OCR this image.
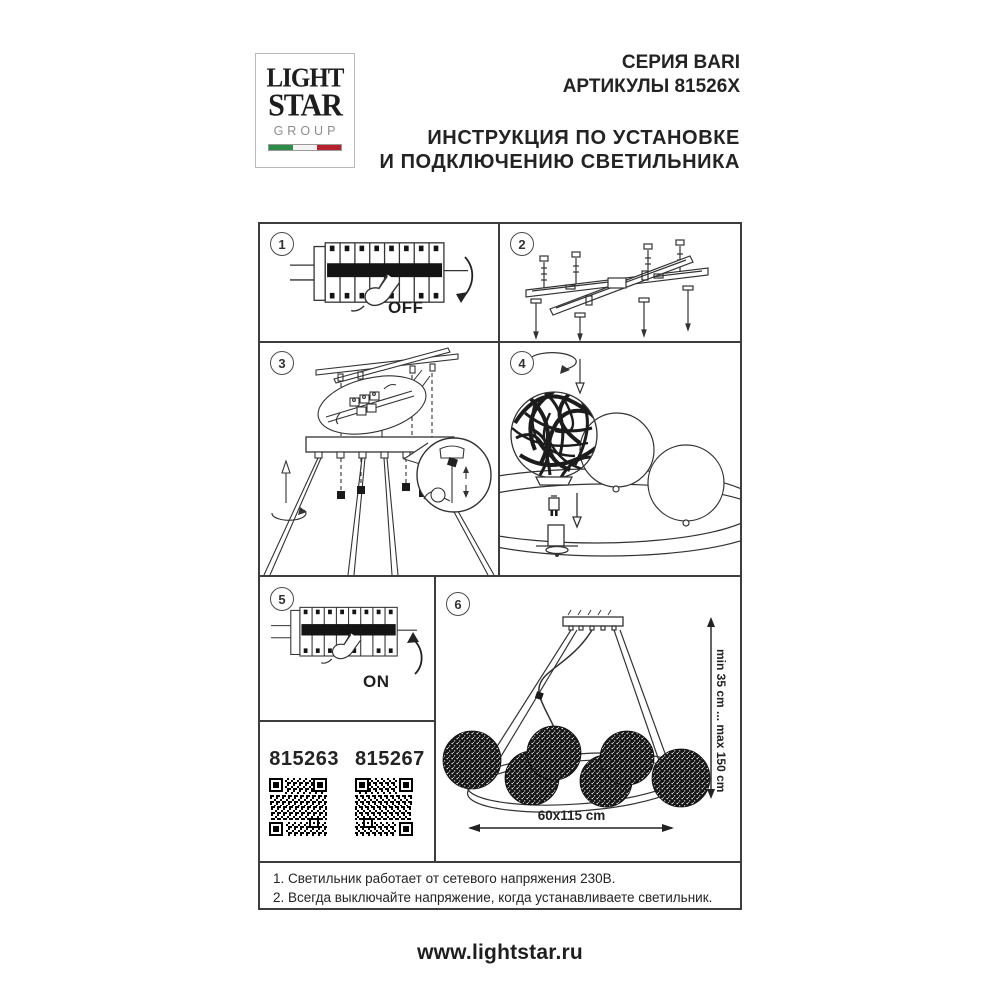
LIGHT
STAR
GROUP
СЕРИЯ BARI
АРТИКУЛЫ 81526X
ИНСТРУКЦИЯ ПО УСТАНОВКЕ
И ПОДКЛЮЧЕНИЮ СВЕТИЛЬНИКА
1
OFF
2
3	4
5
ON
815263 815267
6
min 35 cm ... max 150 cm
60x115 cm
1. Светильник работает от сетевого напряжения 230В.
2. Всегда выключайте напряжение, когда устанавливаете светильник.
www.lightstar.ru
